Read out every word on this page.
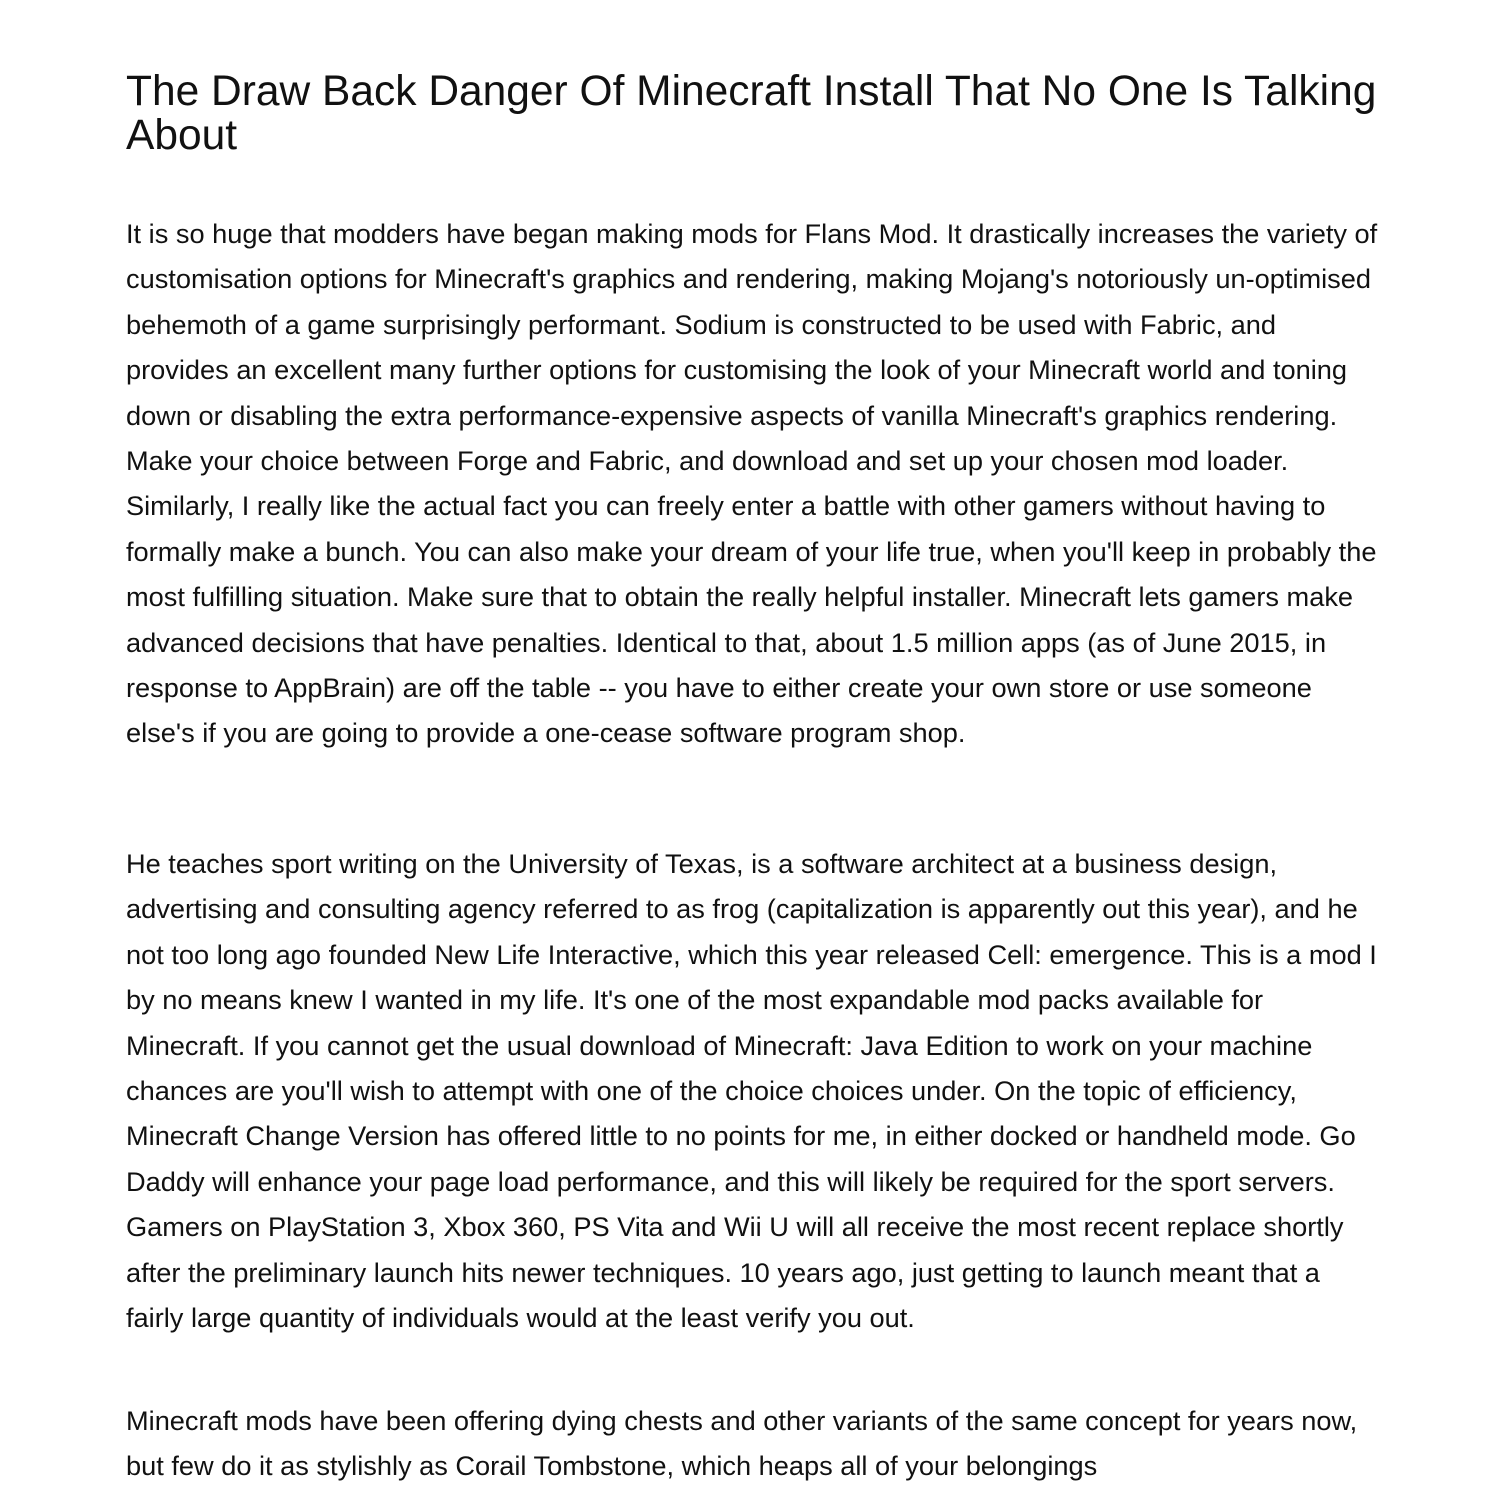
The Draw Back Danger Of Minecraft Install That No One Is Talking About

It is so huge that modders have began making mods for Flans Mod. It drastically increases the variety of customisation options for Minecraft's graphics and rendering, making Mojang's notoriously un-optimised behemoth of a game surprisingly performant. Sodium is constructed to be used with Fabric, and provides an excellent many further options for customising the look of your Minecraft world and toning down or disabling the extra performance-expensive aspects of vanilla Minecraft's graphics rendering. Make your choice between Forge and Fabric, and download and set up your chosen mod loader. Similarly, I really like the actual fact you can freely enter a battle with other gamers without having to formally make a bunch. You can also make your dream of your life true, when you'll keep in probably the most fulfilling situation. Make sure that to obtain the really helpful installer. Minecraft lets gamers make advanced decisions that have penalties. Identical to that, about 1.5 million apps (as of June 2015, in response to AppBrain) are off the table -- you have to either create your own store or use someone else's if you are going to provide a one-cease software program shop.

He teaches sport writing on the University of Texas, is a software architect at a business design, advertising and consulting agency referred to as frog (capitalization is apparently out this year), and he not too long ago founded New Life Interactive, which this year released Cell: emergence. This is a mod I by no means knew I wanted in my life. It's one of the most expandable mod packs available for Minecraft. If you cannot get the usual download of Minecraft: Java Edition to work on your machine chances are you'll wish to attempt with one of the choice choices under. On the topic of efficiency, Minecraft Change Version has offered little to no points for me, in either docked or handheld mode. Go Daddy will enhance your page load performance, and this will likely be required for the sport servers. Gamers on PlayStation 3, Xbox 360, PS Vita and Wii U will all receive the most recent replace shortly after the preliminary launch hits newer techniques. 10 years ago, just getting to launch meant that a fairly large quantity of individuals would at the least verify you out.

Minecraft mods have been offering dying chests and other variants of the same concept for years now, but few do it as stylishly as Corail Tombstone, which heaps all of your belongings
